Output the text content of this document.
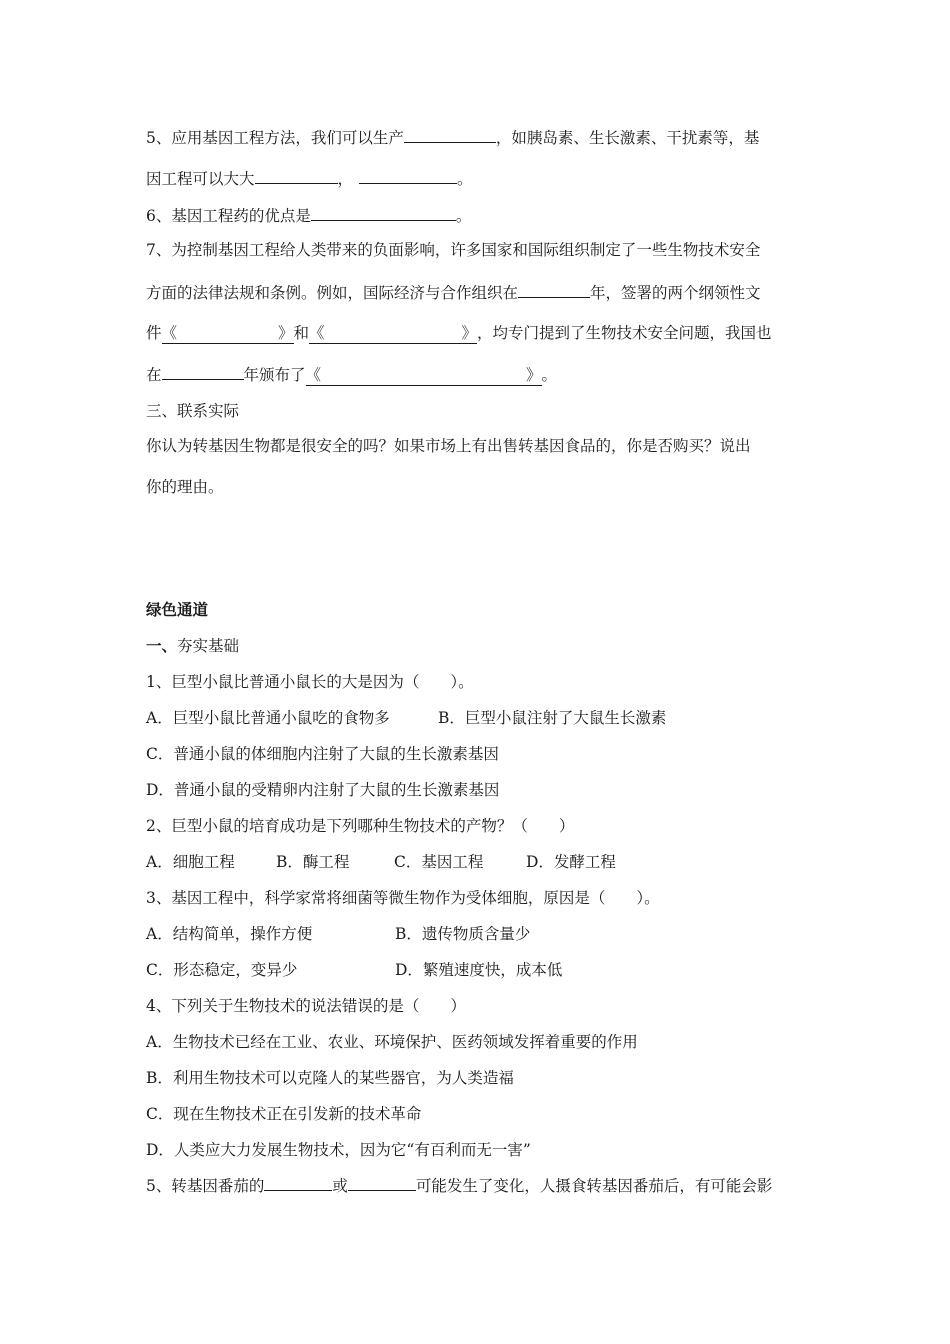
5、应用基因工程方法，我们可以生产	，如胰岛素、生长激素、干扰素等，基

因工程可以大大	，	。

6、基因工程药的优点是	。

7、为控制基因工程给人类带来的负面影响，许多国家和国际组织制定了一些生物技术安全

方面的法律法规和条例。例如，国际经济与合作组织在	年，签署的两个纲领性文

件《》和《》，均专门提到了生物技术安全问题，我国也

在	年颁布了《》。

三、联系实际

你认为转基因生物都是很安全的吗？如果市场上有出售转基因食品的，你是否购买？说出

你的理由。

绿色通道

一、夯实基础

1、巨型小鼠比普通小鼠长的大是因为（　　）。

A．巨型小鼠比普通小鼠吃的食物多	B．巨型小鼠注射了大鼠生长激素

C．普通小鼠的体细胞内注射了大鼠的生长激素基因

D．普通小鼠的受精卵内注射了大鼠的生长激素基因

2、巨型小鼠的培育成功是下列哪种生物技术的产物？（　　）

A．细胞工程	B．酶工程	C．基因工程	D．发酵工程

3、基因工程中，科学家常将细菌等微生物作为受体细胞，原因是（　　）。

A．结构简单，操作方便	B．遗传物质含量少

C．形态稳定，变异少	D．繁殖速度快，成本低

4、下列关于生物技术的说法错误的是（　　）

A．生物技术已经在工业、农业、环境保护、医药领域发挥着重要的作用

B．利用生物技术可以克隆人的某些器官，为人类造福

C．现在生物技术正在引发新的技术革命

D．人类应大力发展生物技术，因为它“有百利而无一害”

5、转基因番茄的	或	可能发生了变化，人摄食转基因番茄后，有可能会影
